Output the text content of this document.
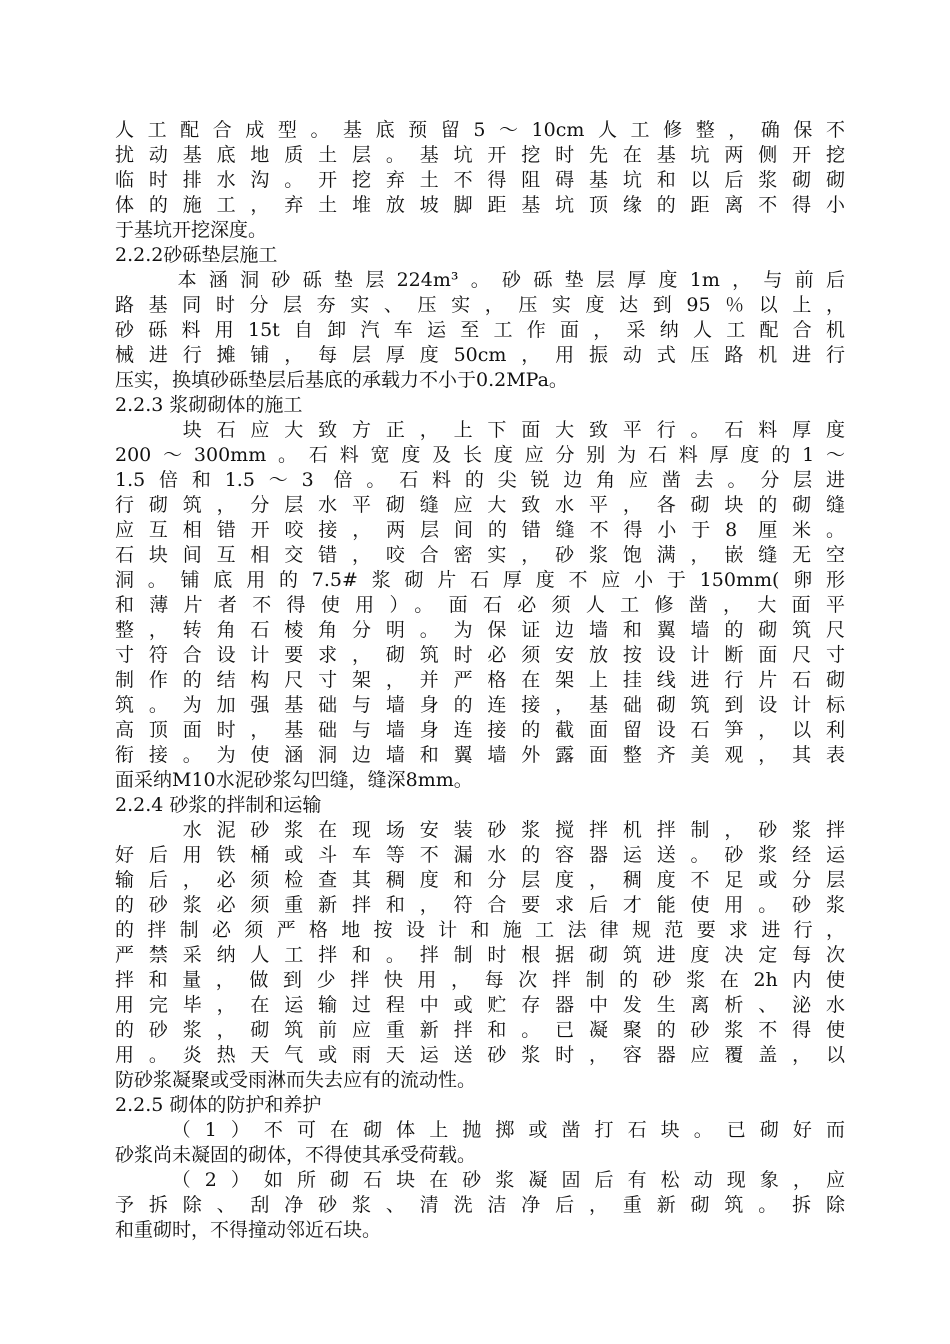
人工配合成型。基底预留5～10cm人工修整，确保不
扰动基底地质土层。基坑开挖时先在基坑两侧开挖
临时排水沟。开挖弃土不得阻碍基坑和以后浆砌砌
体的施工，弃土堆放坡脚距基坑顶缘的距离不得小
于基坑开挖深度。
2.2.2砂砾垫层施工
　　本涵洞砂砾垫层224m³。砂砾垫层厚度1m，与前后
路基同时分层夯实、压实，压实度达到95％以上，
砂砾料用15t自卸汽车运至工作面，采纳人工配合机
械进行摊铺，每层厚度50cm，用振动式压路机进行
压实，换填砂砾垫层后基底的承载力不小于0.2MPa。
2.2.3 浆砌砌体的施工
　　块石应大致方正，上下面大致平行。石料厚度
200～300mm。石料宽度及长度应分别为石料厚度的1～
1.5倍和1.5～3 倍。石料的尖锐边角应凿去。分层进
行砌筑，分层水平砌缝应大致水平，各砌块的砌缝
应互相错开咬接，两层间的错缝不得小于8 厘米。
石块间互相交错，咬合密实，砂浆饱满，嵌缝无空
洞。铺底用的7.5#浆砌片石厚度不应小于150mm(卵形
和薄片者不得使用）。面石必须人工修凿，大面平
整，转角石棱角分明。为保证边墙和翼墙的砌筑尺
寸符合设计要求，砌筑时必须安放按设计断面尺寸
制作的结构尺寸架，并严格在架上挂线进行片石砌
筑。为加强基础与墙身的连接，基础砌筑到设计标
高顶面时，基础与墙身连接的截面留设石笋，以利
衔接。为使涵洞边墙和翼墙外露面整齐美观，其表
面采纳M10水泥砂浆勾凹缝，缝深8mm。
2.2.4 砂浆的拌制和运输
　　水泥砂浆在现场安装砂浆搅拌机拌制，砂浆拌
好后用铁桶或斗车等不漏水的容器运送。砂浆经运
输后，必须检查其稠度和分层度，稠度不足或分层
的砂浆必须重新拌和，符合要求后才能使用。砂浆
的拌制必须严格地按设计和施工法律规范要求进行，
严禁采纳人工拌和。拌制时根据砌筑进度决定每次
拌和量，做到少拌快用，每次拌制的砂浆在2h内使
用完毕，在运输过程中或贮存器中发生离析、泌水
的砂浆，砌筑前应重新拌和。已凝聚的砂浆不得使
用。炎热天气或雨天运送砂浆时，容器应覆盖，以
防砂浆凝聚或受雨淋而失去应有的流动性。
2.2.5 砌体的防护和养护
　　（1）不可在砌体上抛掷或凿打石块。已砌好而
砂浆尚未凝固的砌体，不得使其承受荷载。
　　（2）如所砌石块在砂浆凝固后有松动现象，应
予拆除、刮净砂浆、清洗洁净后，重新砌筑。拆除
和重砌时，不得撞动邻近石块。
